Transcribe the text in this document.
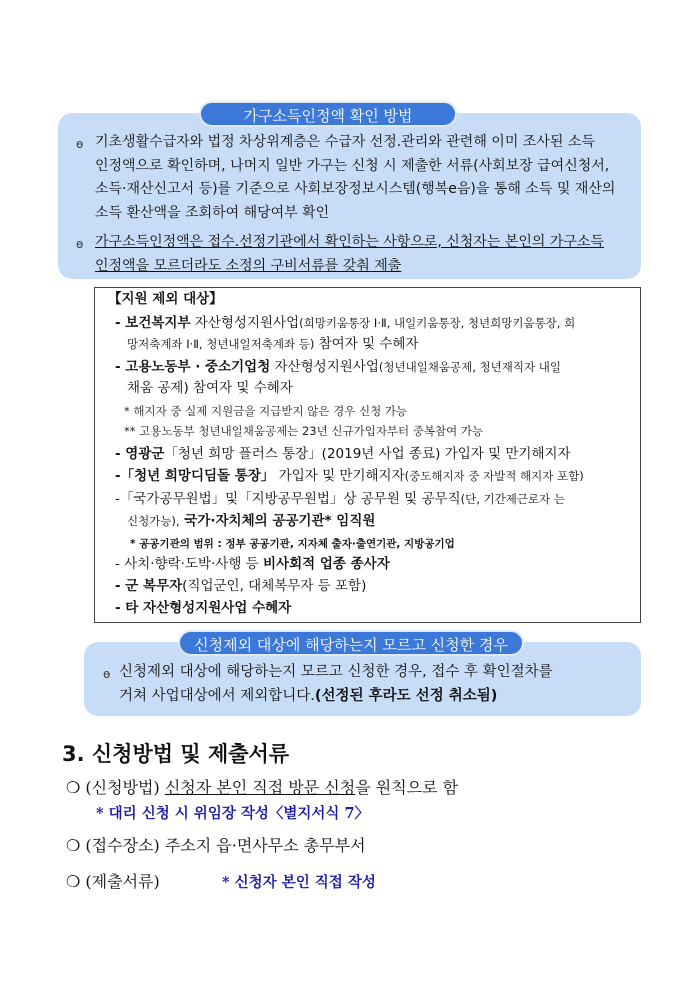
가구소득인정액 확인 방법
ɵ 기초생활수급자와 법정 차상위계층은 수급자 선정.관리와 관련해 이미 조사된 소득
인정액으로 확인하며, 나머지 일반 가구는 신청 시 제출한 서류(사회보장 급여신청서,
소득·재산신고서 등)를 기준으로 사회보장정보시스템(행복e음)을 통해 소득 및 재산의
소득 환산액을 조회하여 해당여부 확인
ɵ 가구소득인정액은 접수.선정기관에서 확인하는 사항으로, 신청자는 본인의 가구소득
인정액을 모르더라도 소정의 구비서류를 갖춰 제출
【지원 제외 대상】
- 보건복지부 자산형성지원사업(희망키움통장 Ⅰ·Ⅱ, 내일키움통장, 청년희망키움통장, 희
망저축계좌 Ⅰ·Ⅱ, 청년내일저축계좌 등) 참여자 및 수혜자
- 고용노동부 · 중소기업청 자산형성지원사업(청년내일채움공제, 청년재직자 내일
채움 공제) 참여자 및 수혜자
* 해지자 중 실제 지원금을 지급받지 않은 경우 신청 가능
** 고용노동부 청년내일채움공제는 23년 신규가입자부터 중복참여 가능
- 영광군「청년 희망 플러스 통장」(2019년 사업 종료) 가입자 및 만기해지자
-「청년 희망디딤돌 통장」 가입자 및 만기해지자(중도해지자 중 자발적 해지자 포함)
-「국가공무원법」및「지방공무원법」상 공무원 및 공무직(단, 기간제근로자 는
신청가능), 국가·자치체의 공공기관* 임직원
* 공공기관의 범위 : 정부 공공기관, 지자체 출자·출연기관, 지방공기업
- 사치·향락·도박·사행 등 비사회적 업종 종사자
- 군 복무자(직업군인, 대체복무자 등 포함)
- 타 자산형성지원사업 수혜자
신청제외 대상에 해당하는지 모르고 신청한 경우
ɵ 신청제외 대상에 해당하는지 모르고 신청한 경우, 접수 후 확인절차를
거쳐 사업대상에서 제외합니다.(선정된 후라도 선정 취소됨)
3. 신청방법 및 제출서류
❍ (신청방법) 신청자 본인 직접 방문 신청을 원칙으로 함
* 대리 신청 시 위임장 작성〈별지서식 7〉
❍ (접수장소) 주소지 읍·면사무소 총무부서
❍ (제출서류)	* 신청자 본인 직접 작성
